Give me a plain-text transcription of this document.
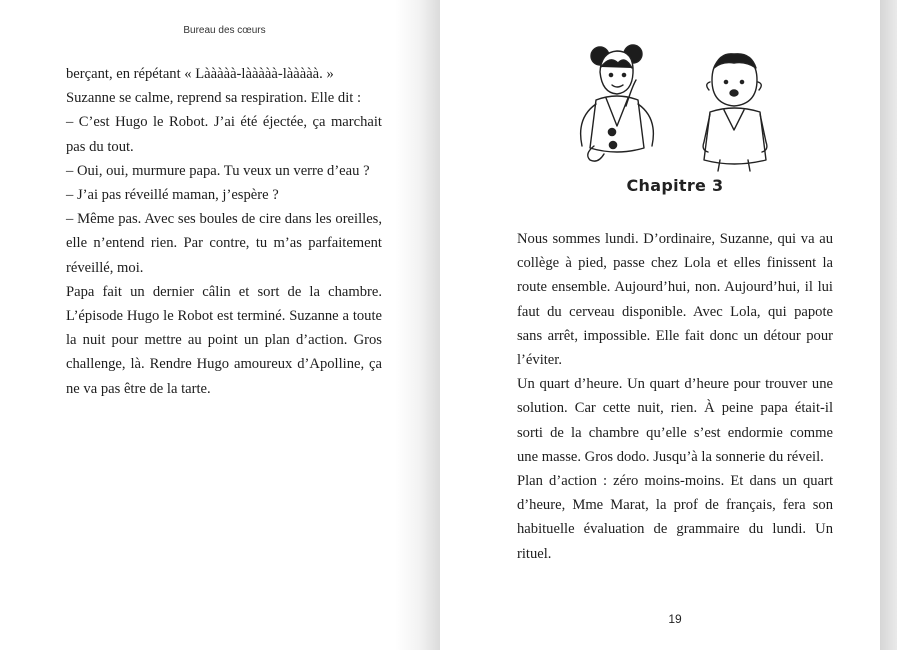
Bureau des cœurs

berçant, en répétant « Lààààà-lààààà-lààààà. »

Suzanne se calme, reprend sa respiration. Elle dit :

– C’est Hugo le Robot. J’ai été éjectée, ça marchait pas du tout.

– Oui, oui, murmure papa. Tu veux un verre d’eau ?

– J’ai pas réveillé maman, j’espère ?

– Même pas. Avec ses boules de cire dans les oreilles, elle n’entend rien. Par contre, tu m’as parfaitement réveillé, moi.

Papa fait un dernier câlin et sort de la chambre. L’épisode Hugo le Robot est terminé. Suzanne a toute la nuit pour mettre au point un plan d’action. Gros challenge, là. Rendre Hugo amoureux d’Apolline, ça ne va pas être de la tarte.

Chapitre 3

Nous sommes lundi. D’ordinaire, Suzanne, qui va au collège à pied, passe chez Lola et elles finissent la route ensemble. Aujourd’hui, non. Aujourd’hui, il lui faut du cerveau disponible. Avec Lola, qui papote sans arrêt, impossible. Elle fait donc un détour pour l’éviter.

Un quart d’heure. Un quart d’heure pour trouver une solution. Car cette nuit, rien. À peine papa était-il sorti de la chambre qu’elle s’est endormie comme une masse. Gros dodo. Jusqu’à la sonnerie du réveil.

Plan d’action : zéro moins-moins. Et dans un quart d’heure, Mme Marat, la prof de français, fera son habituelle évaluation de grammaire du lundi. Un rituel.

19
